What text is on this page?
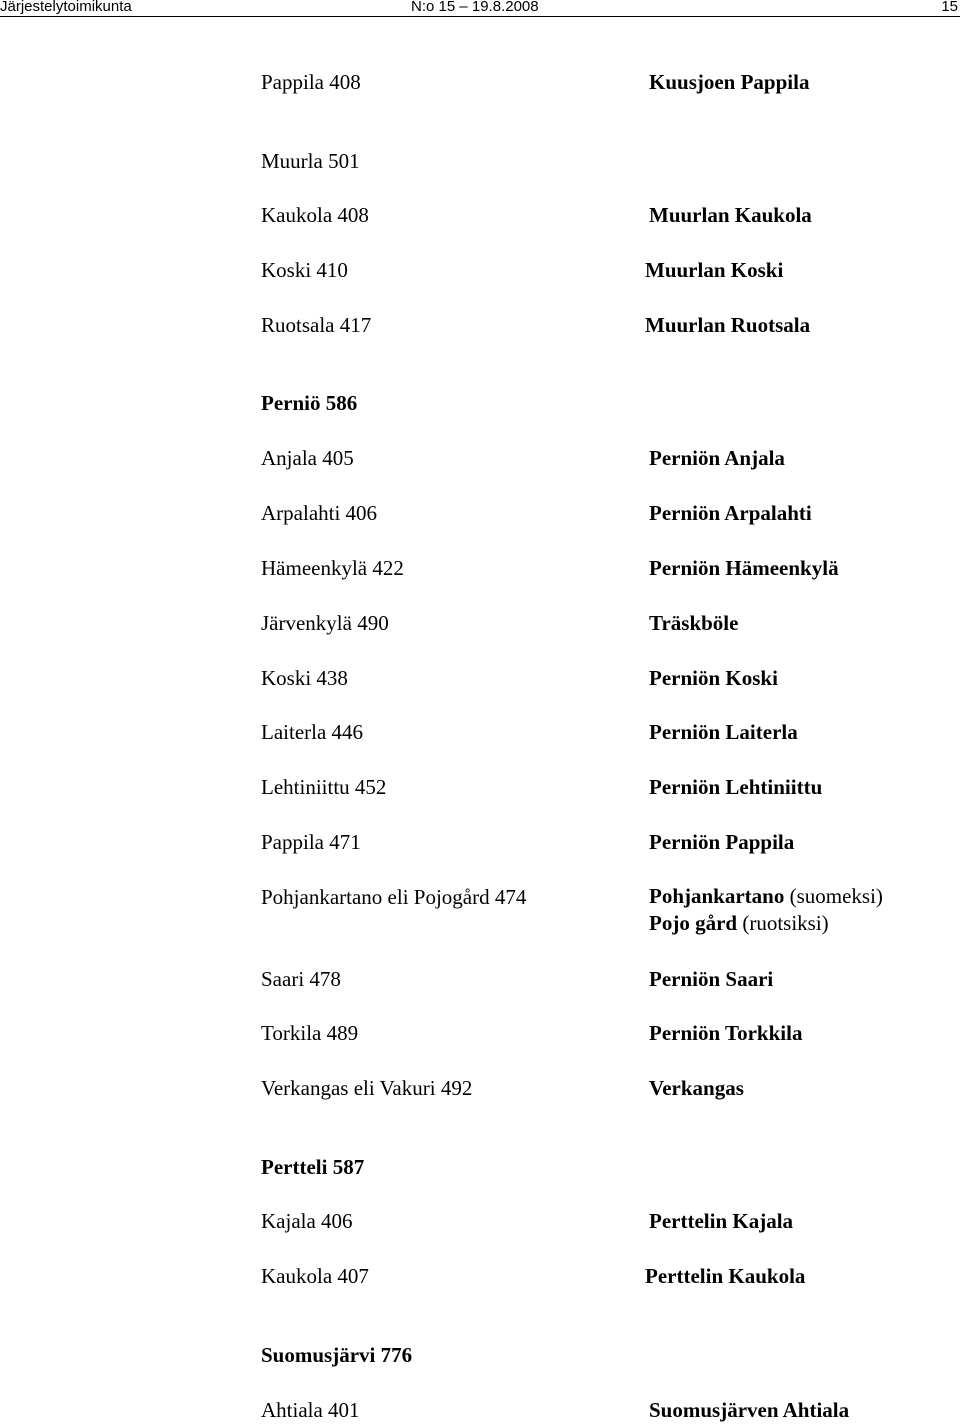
Järjestelytoimikunta	N:o 15 – 19.8.2008	15
Pappila 408	Kuusjoen Pappila
Muurla 501
Kaukola 408	Muurlan Kaukola
Koski 410	Muurlan Koski
Ruotsala 417	Muurlan Ruotsala
Perniö 586
Anjala 405	Perniön Anjala
Arpalahti 406	Perniön Arpalahti
Hämeenkylä 422	Perniön Hämeenkylä
Järvenkylä 490	Träskböle
Koski 438	Perniön Koski
Laiterla 446	Perniön Laiterla
Lehtiniittu 452	Perniön Lehtiniittu
Pappila 471	Perniön Pappila
Pohjankartano eli Pojogård 474	Pohjankartano (suomeksi)
Pojo gård (ruotsiksi)
Saari 478	Perniön Saari
Torkila 489	Perniön Torkkila
Verkangas eli Vakuri 492	Verkangas
Pertteli 587
Kajala 406	Perttelin Kajala
Kaukola 407	Perttelin Kaukola
Suomusjärvi 776
Ahtiala 401	Suomusjärven Ahtiala
